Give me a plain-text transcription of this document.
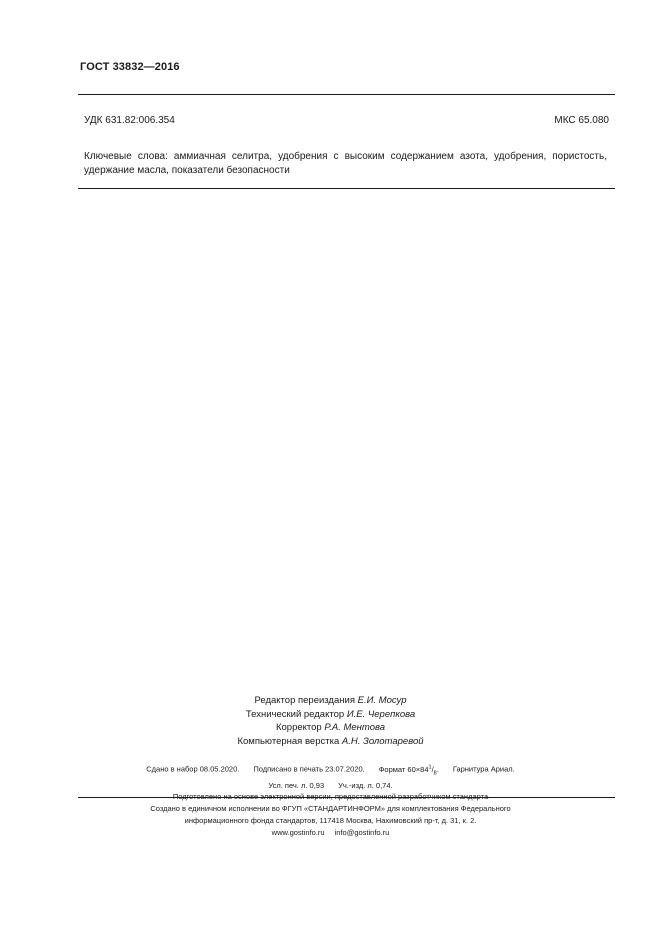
ГОСТ 33832—2016
УДК 631.82:006.354	МКС 65.080
Ключевые слова: аммиачная селитра, удобрения с высоким содержанием азота, удобрения, пористость, удержание масла, показатели безопасности
Редактор переиздания Е.И. Мосур
Технический редактор И.Е. Черепкова
Корректор Р.А. Ментова
Компьютерная верстка А.Н. Золотаревой
Сдано в набор 08.05.2020. Подписано в печать 23.07.2020. Формат $60\times 84^1/_8$. Гарнитура Ариал.
Усл. печ. л. 0,93 Уч.-изд. л. 0,74.
Создано в единичном исполнении во ФГУП «СТАНДАРТИНФОРМ» для комплектования Федерального
информационного фонда стандартов, 117418 Москва, Нахимовский пр-т, д. 31, к. 2.
www.gostinfo.ru info@gostinfo.ru
